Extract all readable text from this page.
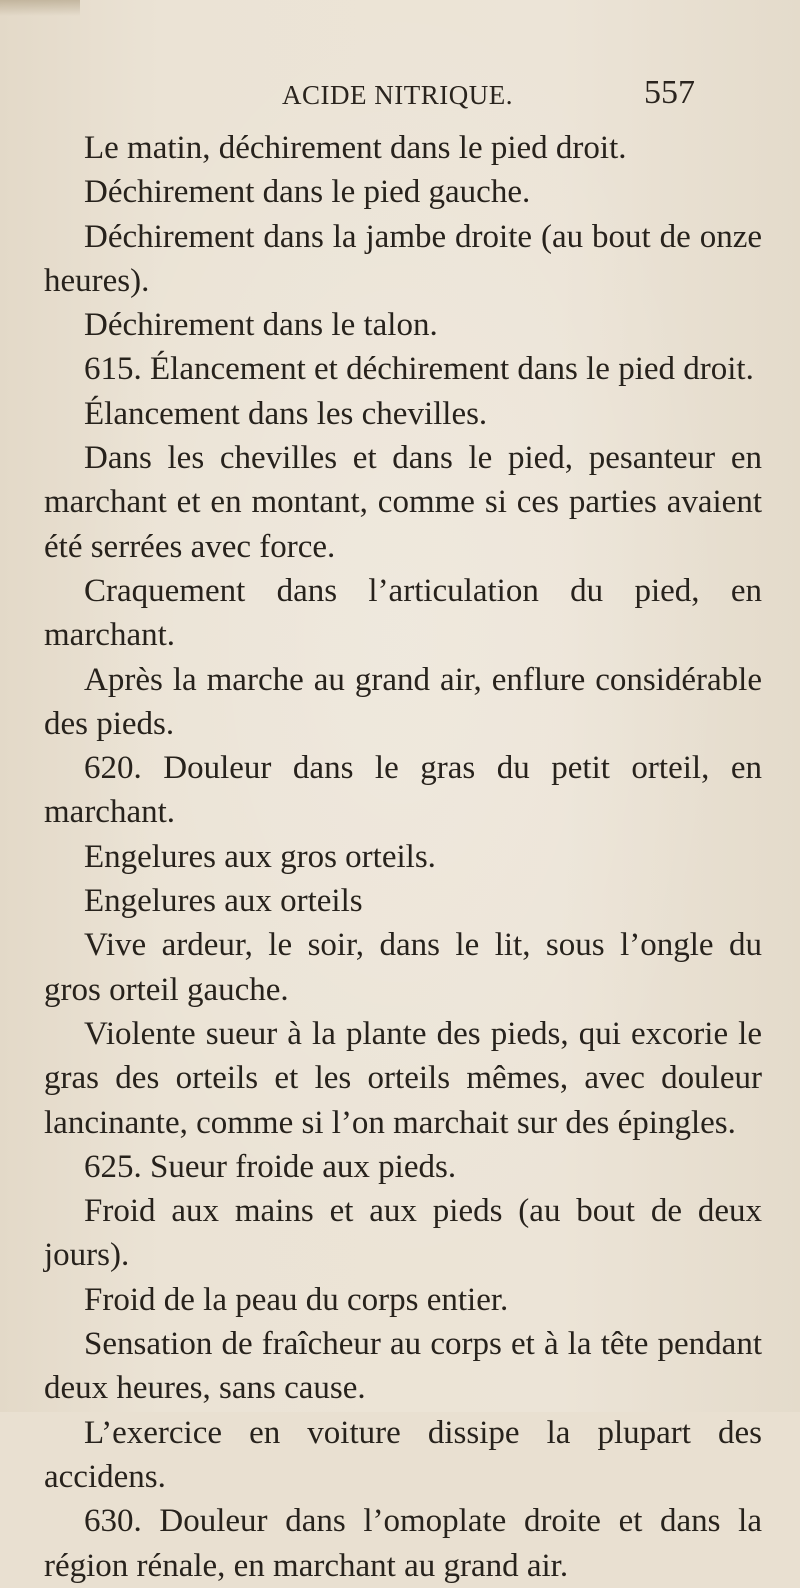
ACIDE NITRIQUE.	557

Le matin, déchirement dans le pied droit.

Déchirement dans le pied gauche.

Déchirement dans la jambe droite (au bout de onze heures).

Déchirement dans le talon.

615. Élancement et déchirement dans le pied droit.

Élancement dans les chevilles.

Dans les chevilles et dans le pied, pesanteur en marchant et en montant, comme si ces parties avaient été serrées avec force.

Craquement dans l’articulation du pied, en marchant.

Après la marche au grand air, enflure considérable des pieds.

620. Douleur dans le gras du petit orteil, en marchant.

Engelures aux gros orteils.

Engelures aux orteils

Vive ardeur, le soir, dans le lit, sous l’ongle du gros orteil gauche.

Violente sueur à la plante des pieds, qui excorie le gras des orteils et les orteils mêmes, avec douleur lancinante, comme si l’on marchait sur des épingles.

625. Sueur froide aux pieds.

Froid aux mains et aux pieds (au bout de deux jours).

Froid de la peau du corps entier.

Sensation de fraîcheur au corps et à la tête pendant deux heures, sans cause.

L’exercice en voiture dissipe la plupart des accidens.

630. Douleur dans l’omoplate droite et dans la région rénale, en marchant au grand air.
